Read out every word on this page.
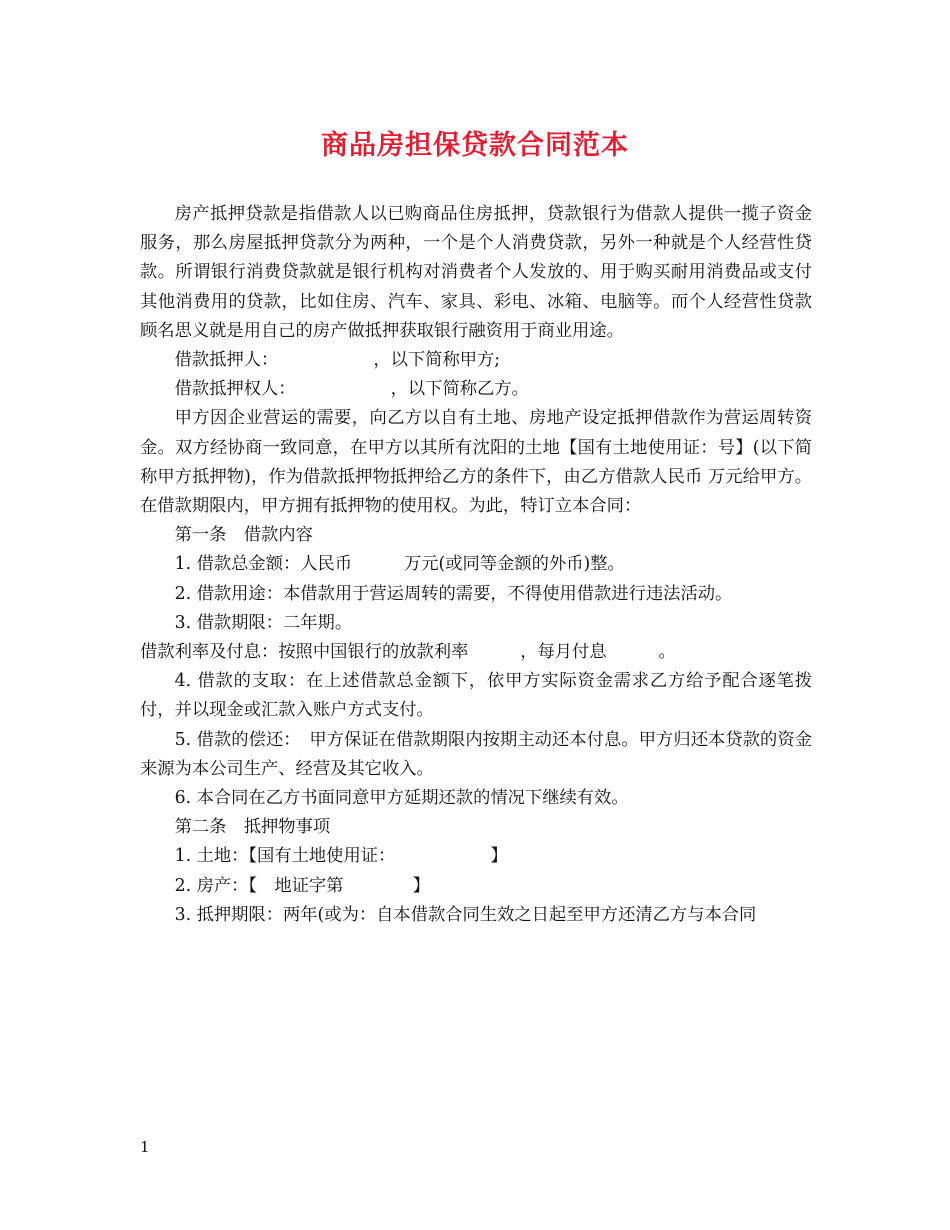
商品房担保贷款合同范本

房产抵押贷款是指借款人以已购商品住房抵押，贷款银行为借款人提供一揽子资金服务，那么房屋抵押贷款分为两种，一个是个人消费贷款，另外一种就是个人经营性贷款。所谓银行消费贷款就是银行机构对消费者个人发放的、用于购买耐用消费品或支付其他消费用的贷款，比如住房、汽车、家具、彩电、冰箱、电脑等。而个人经营性贷款顾名思义就是用自己的房产做抵押获取银行融资用于商业用途。

借款抵押人：　　　　　　，以下简称甲方;

借款抵押权人：　　　　　　，以下简称乙方。

甲方因企业营运的需要，向乙方以自有土地、房地产设定抵押借款作为营运周转资金。双方经协商一致同意，在甲方以其所有沈阳的土地【国有土地使用证：号】(以下简称甲方抵押物)，作为借款抵押物抵押给乙方的条件下，由乙方借款人民币 万元给甲方。在借款期限内，甲方拥有抵押物的使用权。为此，特订立本合同：

第一条　借款内容

1. 借款总金额：人民币　　　万元(或同等金额的外币)整。

2. 借款用途：本借款用于营运周转的需要，不得使用借款进行违法活动。

3. 借款期限：二年期。

借款利率及付息：按照中国银行的放款利率　　　，每月付息　　　。

4. 借款的支取：在上述借款总金额下，依甲方实际资金需求乙方给予配合逐笔拨付，并以现金或汇款入账户方式支付。

5. 借款的偿还：　甲方保证在借款期限内按期主动还本付息。甲方归还本贷款的资金来源为本公司生产、经营及其它收入。

6. 本合同在乙方书面同意甲方延期还款的情况下继续有效。

第二条　抵押物事项

1. 土地：【国有土地使用证：　　　　　　】

2. 房产：【　地证字第　　　　】

3. 抵押期限：两年(或为：自本借款合同生效之日起至甲方还清乙方与本合同

1
